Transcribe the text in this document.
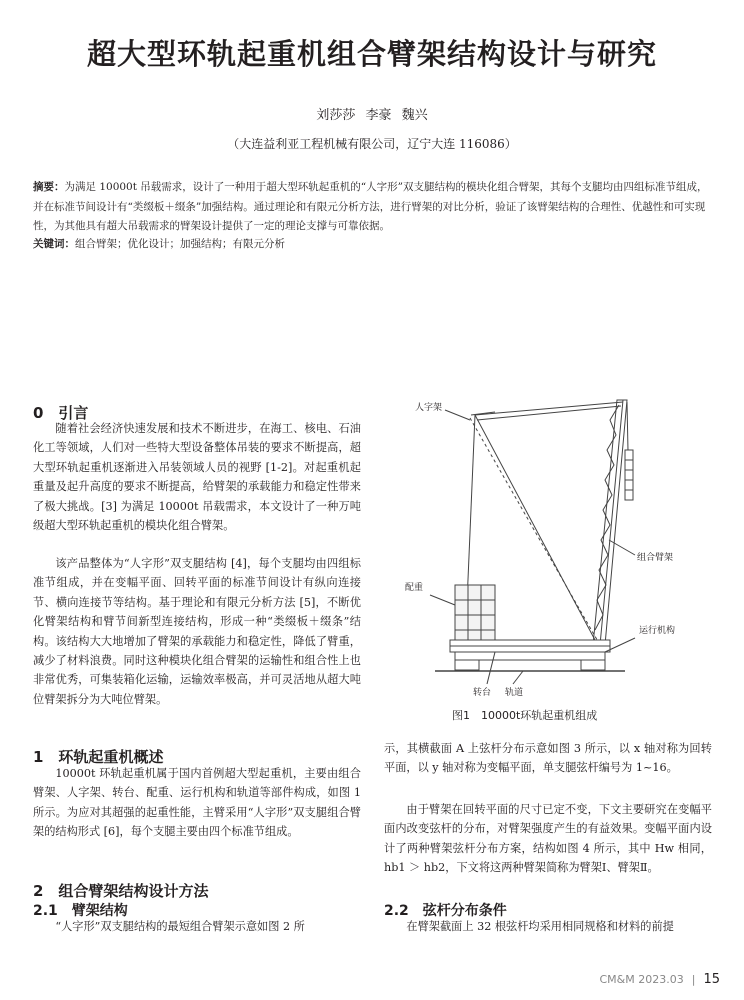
超大型环轨起重机组合臂架结构设计与研究
刘莎莎 李豪 魏兴
（大连益利亚工程机械有限公司，辽宁大连 116086）
摘要：为满足 10000t 吊载需求，设计了一种用于超大型环轨起重机的“人字形”双支腿结构的模块化组合臂架，其每个支腿均由四组标准节组成，并在标准节间设计有“类缀板＋缀条”加强结构。通过理论和有限元分析方法，进行臂架的对比分析，验证了该臂架结构的合理性、优越性和可实现性，为其他具有超大吊载需求的臂架设计提供了一定的理论支撑与可靠依据。
关键词：组合臂架；优化设计；加强结构；有限元分析
0　引言

随着社会经济快速发展和技术不断进步，在海工、核电、石油化工等领域，人们对一些特大型设备整体吊装的要求不断提高，超大型环轨起重机逐渐进入吊装领域人员的视野 [1-2]。对起重机起重量及起升高度的要求不断提高，给臂架的承载能力和稳定性带来了极大挑战。[3] 为满足 10000t 吊载需求，本文设计了一种万吨级超大型环轨起重机的模块化组合臂架。

该产品整体为“人字形”双支腿结构 [4]，每个支腿均由四组标准节组成，并在变幅平面、回转平面的标准节间设计有纵向连接节、横向连接节等结构。基于理论和有限元分析方法 [5]，不断优化臂架结构和臂节间新型连接结构，形成一种“类缀板＋缀条”结构。该结构大大地增加了臂架的承载能力和稳定性，降低了臂重，减少了材料浪费。同时这种模块化组合臂架的运输性和组合性上也非常优秀，可集装箱化运输，运输效率极高，并可灵活地从超大吨位臂架拆分为大吨位臂架。

1　环轨起重机概述

10000t 环轨起重机属于国内首例超大型起重机，主要由组合臂架、人字架、转台、配重、运行机构和轨道等部件构成，如图 1 所示。为应对其超强的起重性能，主臂采用“人字形”双支腿组合臂架的结构形式 [6]，每个支腿主要由四个标准节组成。

2　组合臂架结构设计方法
2.1　臂架结构

“人字形”双支腿结构的最短组合臂架示意如图 2 所

示，其横截面 A 上弦杆分布示意如图 3 所示，以 x 轴对称为回转平面，以 y 轴对称为变幅平面，单支腿弦杆编号为 1~16。

由于臂架在回转平面的尺寸已定不变，下文主要研究在变幅平面内改变弦杆的分布，对臂架强度产生的有益效果。变幅平面内设计了两种臂架弦杆分布方案，结构如图 4 所示，其中 Hw 相同，hb1 ＞ hb2，下文将这两种臂架简称为臂架Ⅰ、臂架Ⅱ。

2.2　弦杆分布条件

在臂架截面上 32 根弦杆均采用相同规格和材料的前提

人字架
组合臂架
配重
运行机构
转台 轨道
图1　10000t环轨起重机组成
CM&M 2023.03 | 15
